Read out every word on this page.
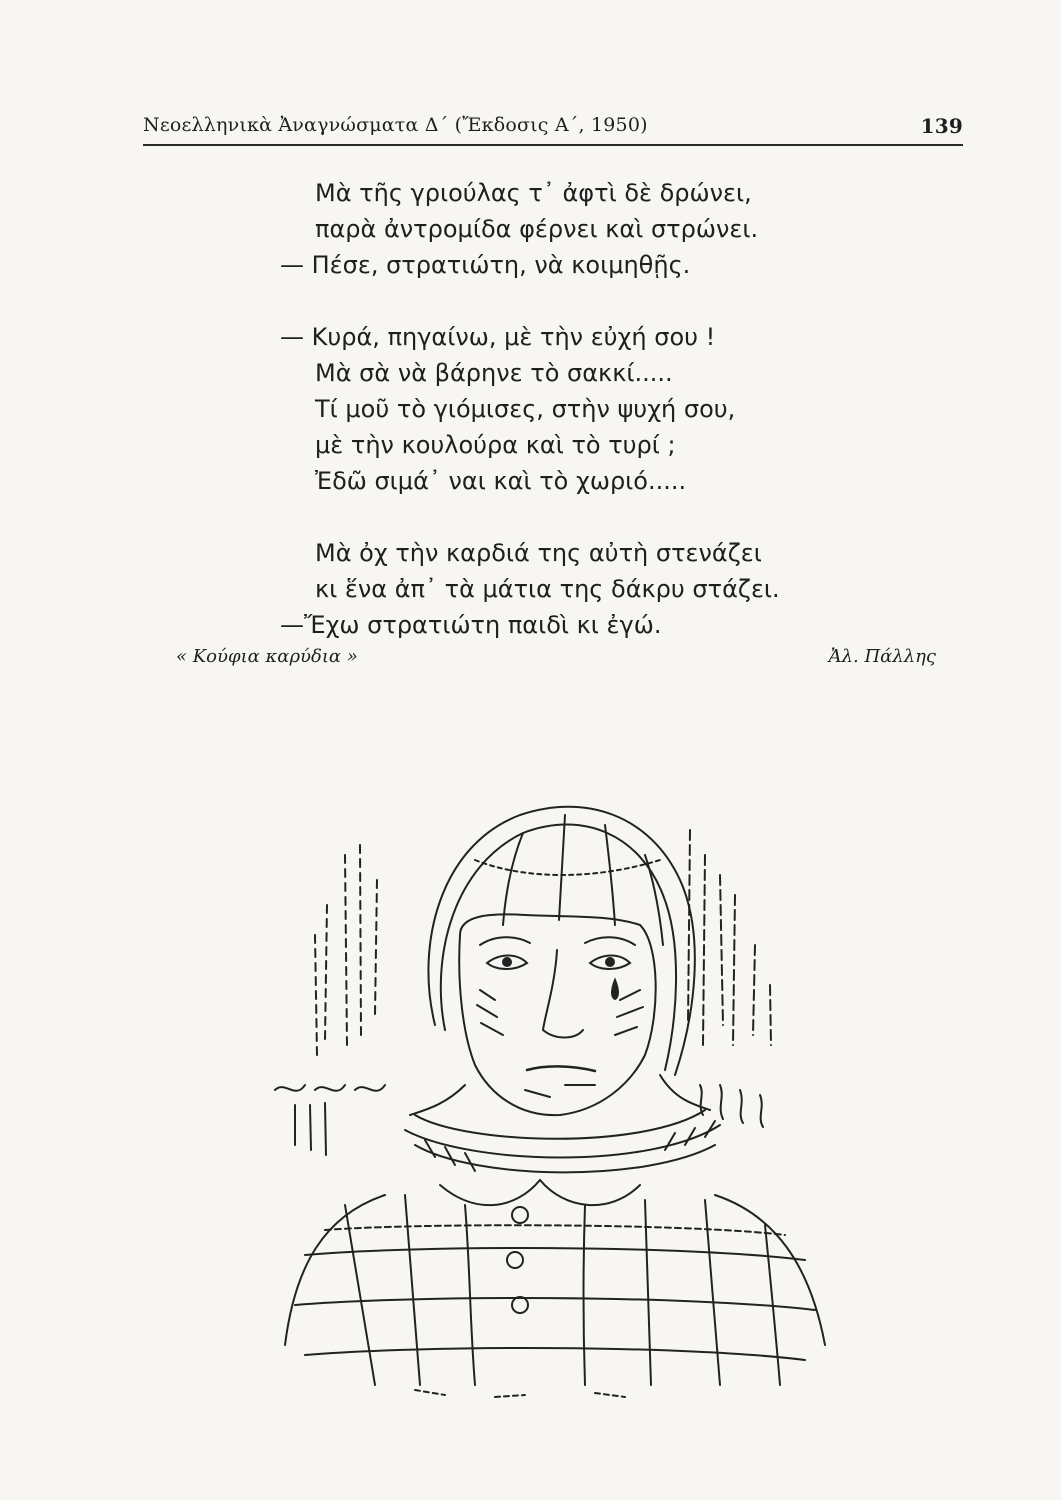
Νεοελληνικὰ Ἀναγνώσματα Δ΄ (Ἔκδοσις Α΄, 1950)	139
Μὰ τῆς γριούλας τ᾽ ἀφτὶ δὲ δρώνει,
παρὰ ἀντρομίδα φέρνει καὶ στρώνει.
— Πέσε, στρατιώτη, νὰ κοιμηθῇς.
— Κυρά, πηγαίνω, μὲ τὴν εὐχή σου !
Μὰ σὰ νὰ βάρηνε τὸ σακκί.....
Τί μοῦ τὸ γιόμισες, στὴν ψυχή σου,
μὲ τὴν κουλούρα καὶ τὸ τυρί ;
Ἐδῶ σιμά᾽ ναι καὶ τὸ χωριό.....
Μὰ ὀχ τὴν καρδιά της αὐτὴ στενάζει
κι ἕνα ἀπ᾽ τὰ μάτια της δάκρυ στάζει.
—Ἔχω στρατιώτη παιδὶ κι ἐγώ.
« Κούφια καρύδια »	Ἀλ. Πάλλης
